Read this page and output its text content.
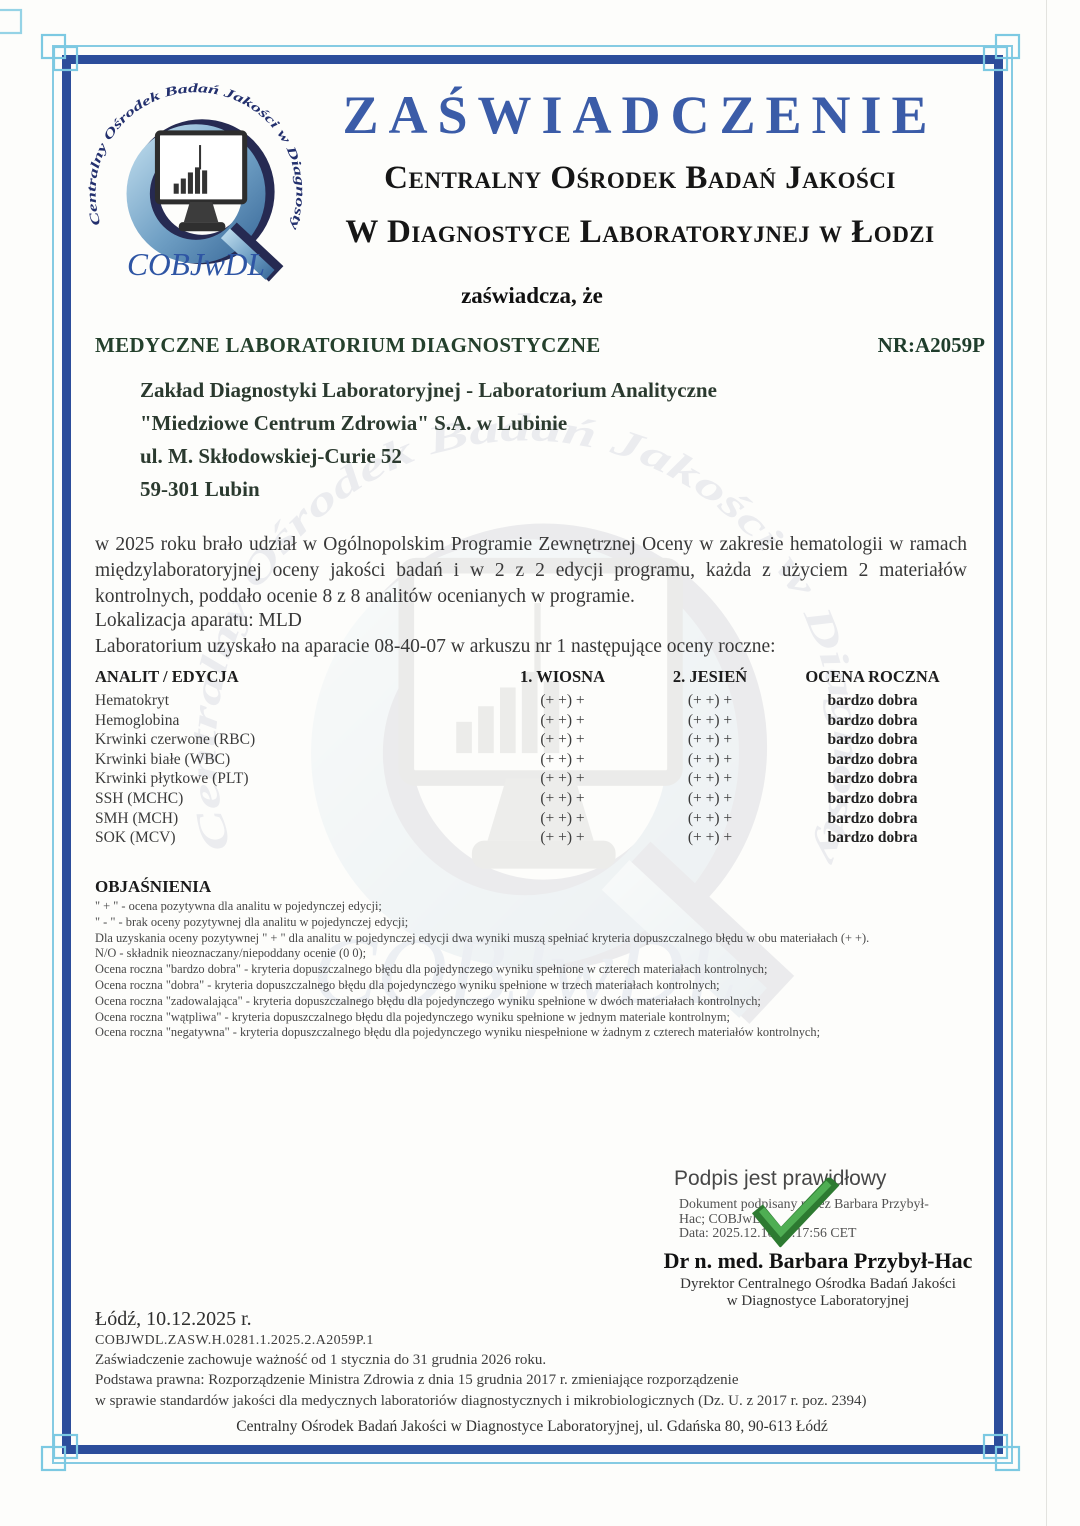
ZAŚWIADCZENIE
Centralny Ośrodek Badań Jakości
W Diagnostyce Laboratoryjnej w Łodzi
zaświadcza, że
MEDYCZNE LABORATORIUM DIAGNOSTYCZNE	NR:A2059P
Zakład Diagnostyki Laboratoryjnej - Laboratorium Analityczne
"Miedziowe Centrum Zdrowia" S.A. w Lubinie
ul. M. Skłodowskiej-Curie 52
59-301 Lubin
w 2025 roku brało udział w Ogólnopolskim Programie Zewnętrznej Oceny w zakresie hematologii w ramach międzylaboratoryjnej oceny jakości badań i w 2 z 2 edycji programu, każda z użyciem 2 materiałów kontrolnych, poddało ocenie 8 z 8 analitów ocenianych w programie.
Lokalizacja aparatu: MLD
Laboratorium uzyskało na aparacie 08-40-07 w arkuszu nr 1 następujące oceny roczne:
ANALIT / EDYCJA	1. WIOSNA	2. JESIEŃ	OCENA ROCZNA
Hematokryt	(+ +) +	(+ +) +	bardzo dobra
Hemoglobina	(+ +) +	(+ +) +	bardzo dobra
Krwinki czerwone (RBC)	(+ +) +	(+ +) +	bardzo dobra
Krwinki białe (WBC)	(+ +) +	(+ +) +	bardzo dobra
Krwinki płytkowe (PLT)	(+ +) +	(+ +) +	bardzo dobra
SSH (MCHC)	(+ +) +	(+ +) +	bardzo dobra
SMH (MCH)	(+ +) +	(+ +) +	bardzo dobra
SOK (MCV)	(+ +) +	(+ +) +	bardzo dobra
OBJAŚNIENIA
" + " - ocena pozytywna dla analitu w pojedynczej edycji;
" - " - brak oceny pozytywnej dla analitu w pojedynczej edycji;
Dla uzyskania oceny pozytywnej " + " dla analitu w pojedynczej edycji dwa wyniki muszą spełniać kryteria dopuszczalnego błędu w obu materiałach (+ +).
N/O - składnik nieoznaczany/niepoddany ocenie (0 0);
Ocena roczna "bardzo dobra" - kryteria dopuszczalnego błędu dla pojedynczego wyniku spełnione w czterech materiałach kontrolnych;
Ocena roczna "dobra" - kryteria dopuszczalnego błędu dla pojedynczego wyniku spełnione w trzech materiałach kontrolnych;
Ocena roczna "zadowalająca" - kryteria dopuszczalnego błędu dla pojedynczego wyniku spełnione w dwóch materiałach kontrolnych;
Ocena roczna "wątpliwa" - kryteria dopuszczalnego błędu dla pojedynczego wyniku spełnione w jednym materiale kontrolnym;
Ocena roczna "negatywna" - kryteria dopuszczalnego błędu dla pojedynczego wyniku niespełnione w żadnym z czterech materiałów kontrolnych;
Podpis jest prawidłowy
Dokument podpisany przez Barbara Przybył-
Hac; COBJwDL
Data: 2025.12.10 16:17:56 CET
Dr n. med. Barbara Przybył-Hac
Dyrektor Centralnego Ośrodka Badań Jakości
w Diagnostyce Laboratoryjnej
Łódź, 10.12.2025 r.
COBJWDL.ZASW.H.0281.1.2025.2.A2059P.1
Zaświadczenie zachowuje ważność od 1 stycznia do 31 grudnia 2026 roku.
Podstawa prawna: Rozporządzenie Ministra Zdrowia z dnia 15 grudnia 2017 r. zmieniające rozporządzenie
w sprawie standardów jakości dla medycznych laboratoriów diagnostycznych i mikrobiologicznych (Dz. U. z 2017 r. poz. 2394)
Centralny Ośrodek Badań Jakości w Diagnostyce Laboratoryjnej, ul. Gdańska 80, 90-613 Łódź
